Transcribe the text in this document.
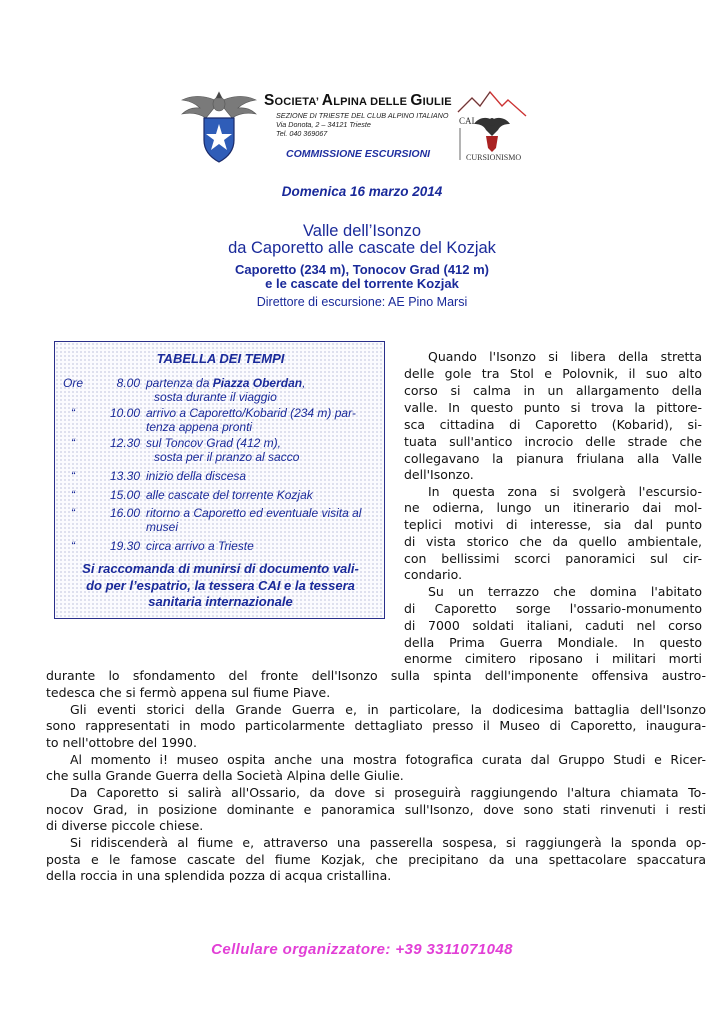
SOCIETA’ ALPINA DELLE GIULIE
SEZIONE DI TRIESTE DEL CLUB ALPINO ITALIANO
Via Donota, 2 – 34121 Trieste
Tel. 040 369067
COMMISSIONE ESCURSIONI
CAI
CURSIONISMO
Domenica 16 marzo 2014
Valle dell’Isonzo
da Caporetto alle cascate del Kozjak
Caporetto (234 m), Tonocov Grad (412 m)
e le cascate del torrente Kozjak
Direttore di escursione: AE Pino Marsi
TABELLA DEI TEMPI
Ore	8.00 partenza da Piazza Oberdan,
sosta durante il viaggio
“	10.00 arrivo a Caporetto/Kobarid (234 m) par-
tenza appena pronti
“	12.30 sul Toncov Grad (412 m),
sosta per il pranzo al sacco
“	13.30 inizio della discesa
“	15.00 alle cascate del torrente Kozjak
“	16.00 ritorno a Caporetto ed eventuale visita al
musei
“	19.30 circa arrivo a Trieste
Si raccomanda di munirsi di documento vali-
do per l’espatrio, la tessera CAI e la tessera
sanitaria internazionale
Quando l'Isonzo si libera della stretta
delle gole tra Stol e Polovnik, il suo alto
corso si calma in un allargamento della
valle. In questo punto si trova la pittore-
sca cittadina di Caporetto (Kobarid), si-
tuata sull'antico incrocio delle strade che
collegavano la pianura friulana alla Valle
dell'Isonzo.
In questa zona si svolgerà l'escursio-
ne odierna, lungo un itinerario dai mol-
teplici motivi di interesse, sia dal punto
di vista storico che da quello ambientale,
con bellissimi scorci panoramici sul cir-
condario.
Su un terrazzo che domina l'abitato
di Caporetto sorge l'ossario-monumento
di 7000 soldati italiani, caduti nel corso
della Prima Guerra Mondiale. In questo
enorme cimitero riposano i militari morti
durante lo sfondamento del fronte dell'Isonzo sulla spinta dell'imponente offensiva austro-
tedesca che si fermò appena sul fiume Piave.
Gli eventi storici della Grande Guerra e, in particolare, la dodicesima battaglia dell'Isonzo
sono rappresentati in modo particolarmente dettagliato presso il Museo di Caporetto, inaugura-
to nell'ottobre del 1990.
Al momento i! museo ospita anche una mostra fotografica curata dal Gruppo Studi e Ricer-
che sulla Grande Guerra della Società Alpina delle Giulie.
Da Caporetto si salirà all'Ossario, da dove si proseguirà raggiungendo l'altura chiamata To-
nocov Grad, in posizione dominante e panoramica sull'Isonzo, dove sono stati rinvenuti i resti
di diverse piccole chiese.
Si ridiscenderà al fiume e, attraverso una passerella sospesa, si raggiungerà la sponda op-
posta e le famose cascate del fiume Kozjak, che precipitano da una spettacolare spaccatura
della roccia in una splendida pozza di acqua cristallina.
Cellulare organizzatore: +39 3311071048
